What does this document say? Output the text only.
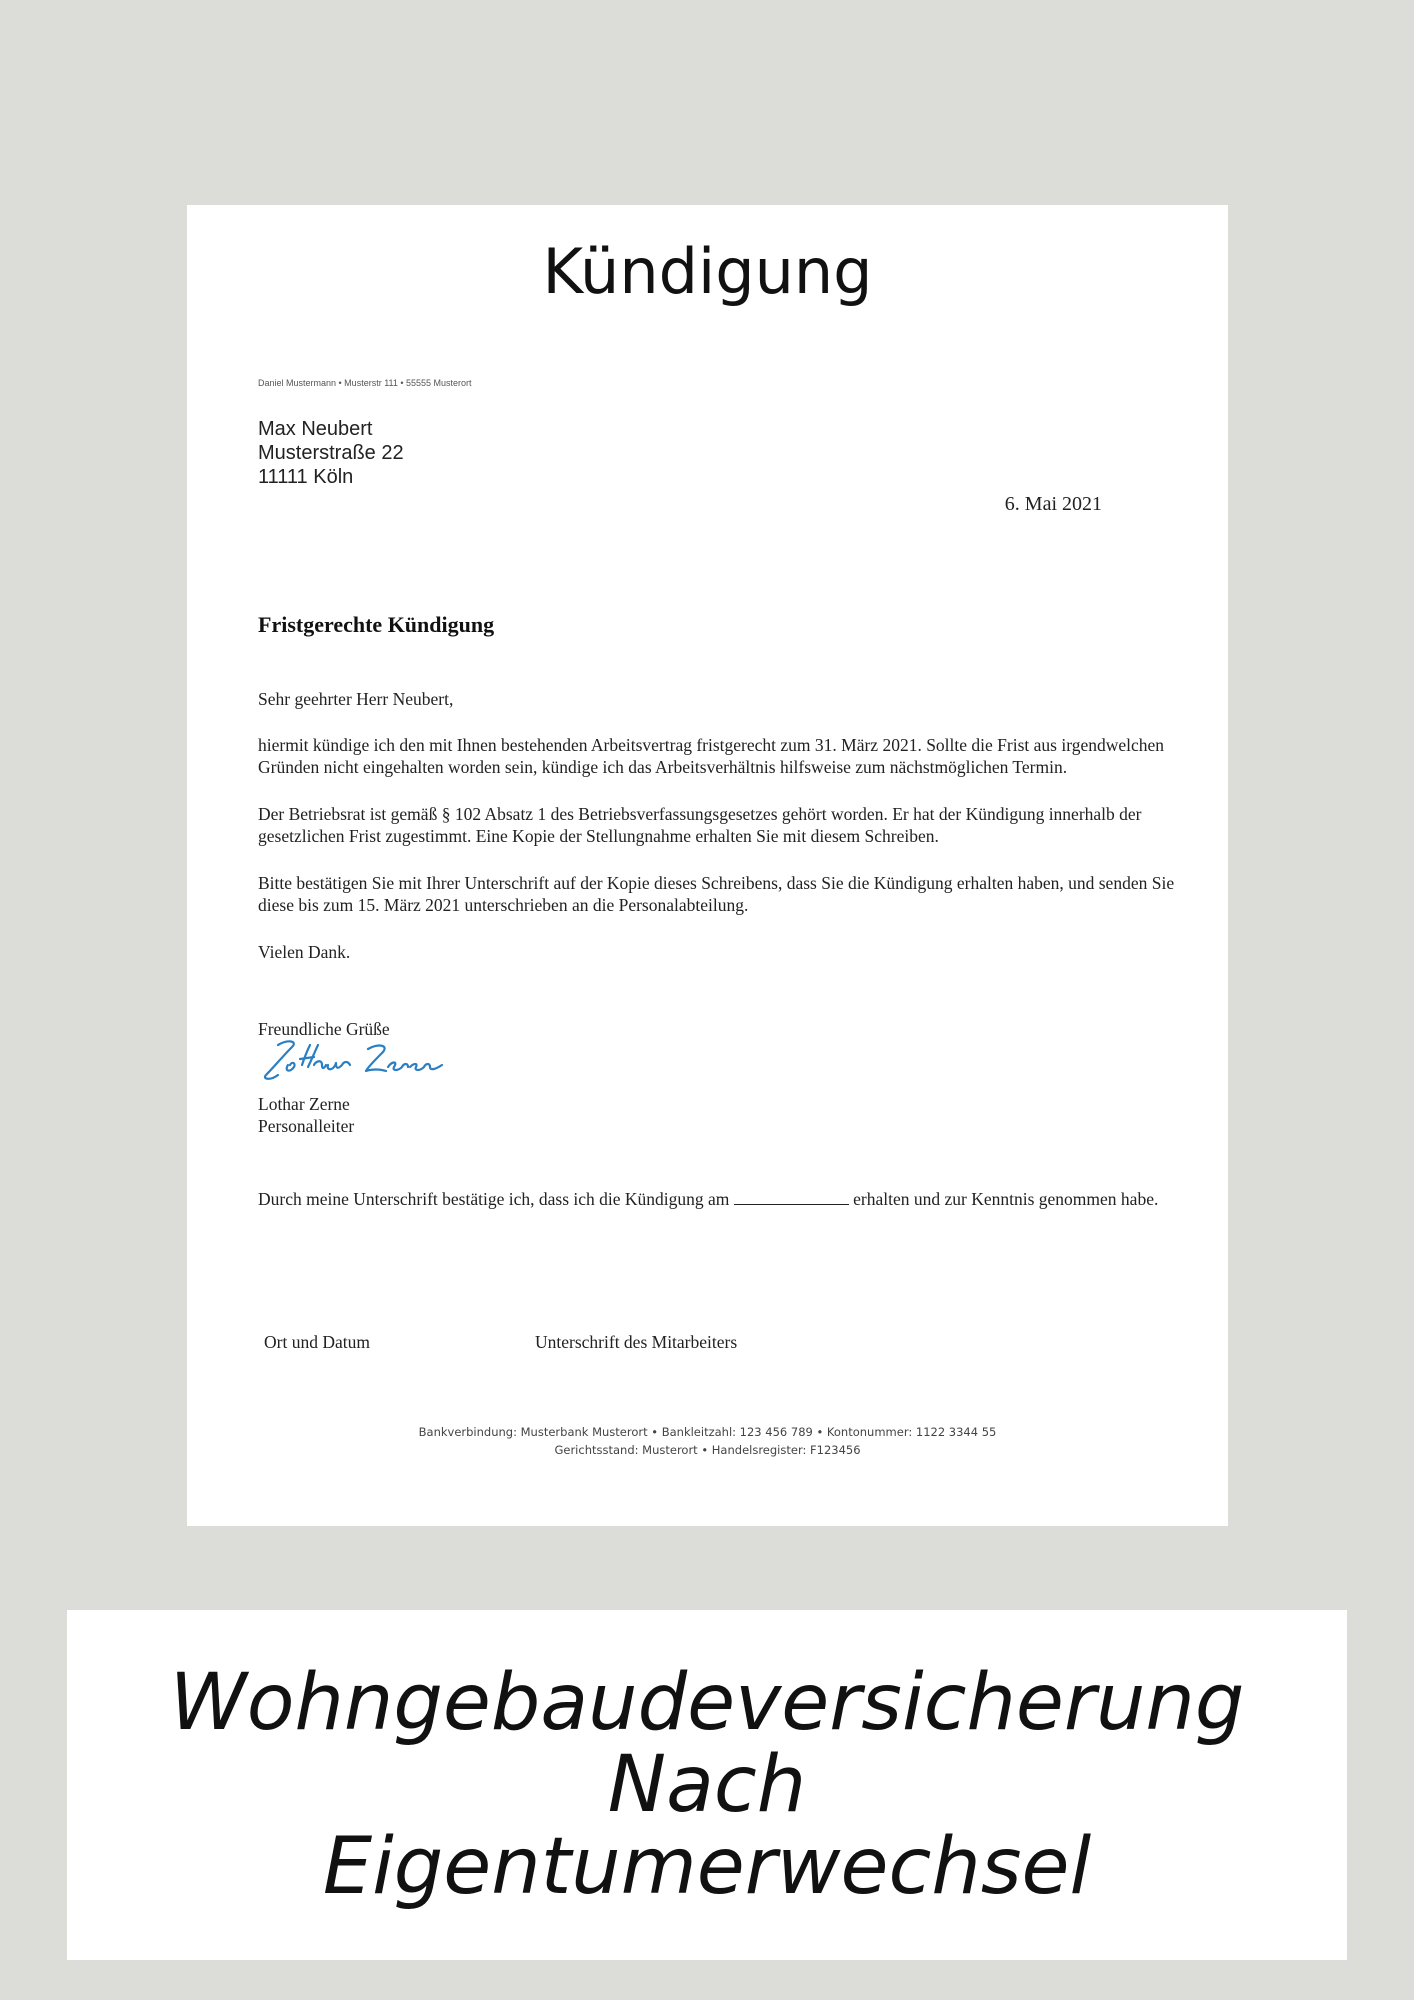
Kündigung
Daniel Mustermann • Musterstr 111 • 55555 Musterort
Max Neubert
Musterstraße 22
11111 Köln
6. Mai 2021
Fristgerechte Kündigung

Sehr geehrter Herr Neubert,

hiermit kündige ich den mit Ihnen bestehenden Arbeitsvertrag fristgerecht zum 31. März 2021. Sollte die Frist aus irgendwelchen Gründen nicht eingehalten worden sein, kündige ich das Arbeitsverhältnis hilfsweise zum nächstmöglichen Termin.

Der Betriebsrat ist gemäß § 102 Absatz 1 des Betriebsverfassungsgesetzes gehört worden. Er hat der Kündigung innerhalb der gesetzlichen Frist zugestimmt. Eine Kopie der Stellungnahme erhalten Sie mit diesem Schreiben.

Bitte bestätigen Sie mit Ihrer Unterschrift auf der Kopie dieses Schreibens, dass Sie die Kündigung erhalten haben, und senden Sie diese bis zum 15. März 2021 unterschrieben an die Personalabteilung.

Vielen Dank.

Freundliche Grüße
Lothar Zerne
Personalleiter
Durch meine Unterschrift bestätige ich, dass ich die Kündigung am	erhalten und zur Kenntnis genommen habe.
Ort und Datum	Unterschrift des Mitarbeiters
Bankverbindung: Musterbank Musterort • Bankleitzahl: 123 456 789 • Kontonummer: 1122 3344 55
Gerichtsstand: Musterort • Handelsregister: F123456
Wohngebaudeversicherung
Nach
Eigentumerwechsel
